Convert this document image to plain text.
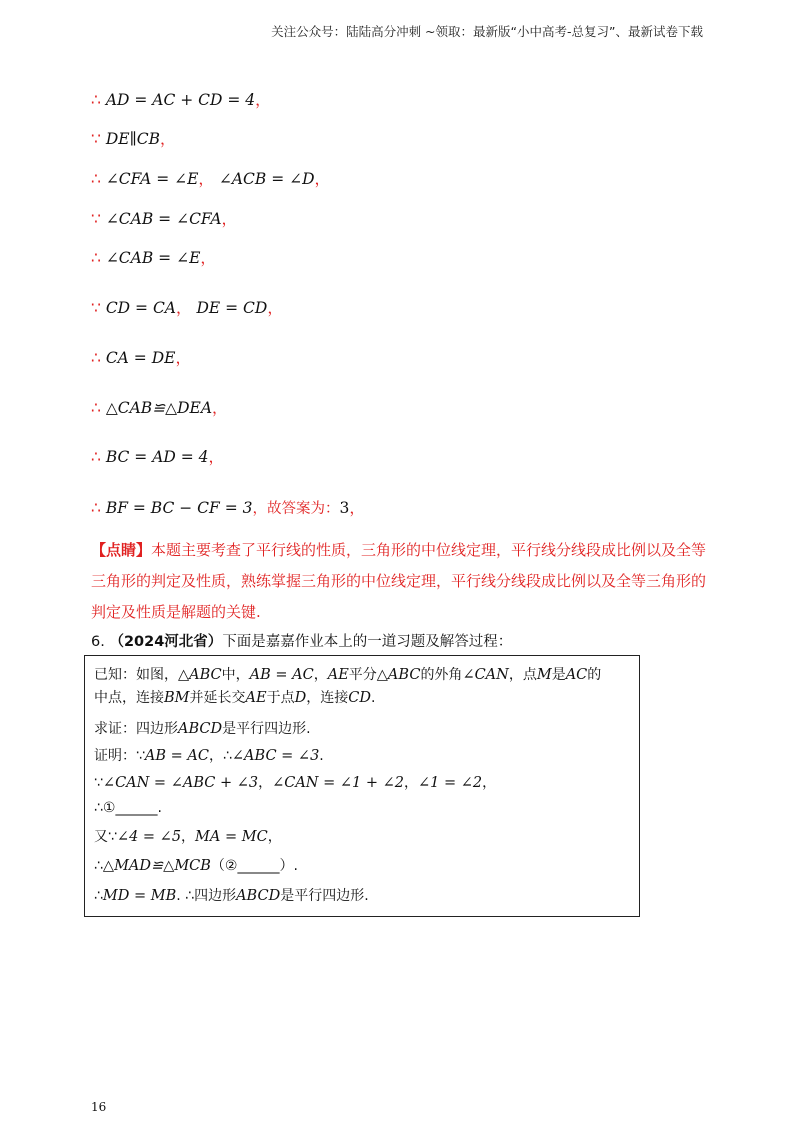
关注公众号：陆陆高分冲刺 ~领取：最新版“小中高考-总复习”、最新试卷下载
∴ AD = AC + CD = 4，
∵ DE∥CB，
∴ ∠CFA = ∠E， ∠ACB = ∠D，
∵ ∠CAB = ∠CFA，
∴ ∠CAB = ∠E，
∵ CD = CA， DE = CD，
∴ CA = DE，
∴ △CAB≌△DEA，
∴ BC = AD = 4，
∴ BF = BC − CF = 3，故答案为：3，
【点睛】本题主要考查了平行线的性质，三角形的中位线定理，平行线分线段成比例以及全等三角形的判定及性质，熟练掌握三角形的中位线定理，平行线分线段成比例以及全等三角形的判定及性质是解题的关键.
6. （2024河北省）下面是嘉嘉作业本上的一道习题及解答过程：
已知：如图，△ABC中，AB = AC，AE平分△ABC的外角∠CAN，点M是AC的
中点，连接BM并延长交AE于点D，连接CD.
求证：四边形ABCD是平行四边形.
证明：∵AB = AC，∴∠ABC = ∠3.
∵∠CAN = ∠ABC + ∠3，∠CAN = ∠1 + ∠2，∠1 = ∠2，
∴①______.
又∵∠4 = ∠5，MA = MC，
∴△MAD≌△MCB（②______）.
∴MD = MB. ∴四边形ABCD是平行四边形.
16
